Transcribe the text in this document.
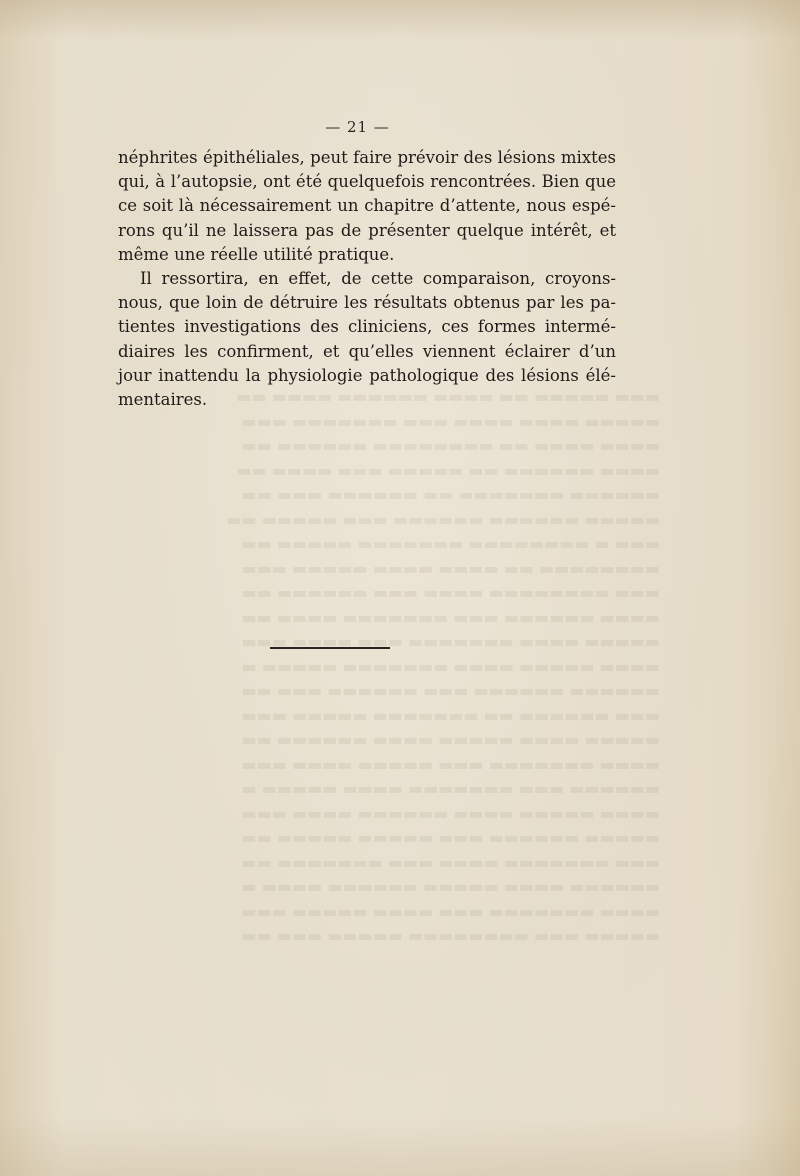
▬▬▬ ▬▬▬▬▬ ▬▬ ▬▬▬▬ ▬▬▬▬▬▬ ▬▬▬▬ ▬▬
▬▬▬▬▬ ▬▬▬▬ ▬▬▬▬ ▬▬▬ ▬▬▬▬▬▬▬ ▬▬▬
▬▬▬▬ ▬▬▬▬ ▬▬ ▬▬▬▬▬▬▬▬ ▬▬▬▬▬▬ ▬▬
▬▬▬▬ ▬▬▬▬▬▬ ▬▬ ▬▬▬▬▬ ▬▬▬ ▬▬▬▬ ▬▬
▬▬▬▬▬▬ ▬▬▬▬▬▬▬ ▬▬ ▬▬▬▬▬▬ ▬▬▬ ▬▬
▬▬▬▬▬ ▬▬▬▬▬▬ ▬▬▬▬▬▬ ▬▬▬ ▬▬▬▬▬ ▬▬
▬▬▬ ▬ ▬▬▬▬▬▬▬▬ ▬▬▬▬▬▬▬ ▬▬▬▬▬ ▬▬
▬▬▬▬▬▬▬▬ ▬▬ ▬▬▬▬ ▬▬▬▬ ▬▬▬▬▬ ▬▬▬
▬▬▬ ▬▬▬▬▬▬▬▬ ▬▬▬▬ ▬▬▬ ▬▬▬▬▬▬ ▬▬
▬▬▬▬ ▬▬▬▬▬▬ ▬▬▬ ▬▬▬▬▬▬▬ ▬▬▬▬ ▬▬
▬▬▬▬▬ ▬▬▬▬ ▬▬▬▬▬▬▬ ▬▬▬ ▬▬▬▬ ▬▬▬
▬▬▬▬ ▬▬▬▬▬ ▬▬▬▬ ▬▬▬▬▬▬▬ ▬▬▬▬▬ ▬
▬▬▬▬▬▬ ▬▬▬▬▬▬ ▬▬▬ ▬▬▬▬▬▬ ▬▬▬ ▬▬
▬▬▬ ▬▬▬▬▬▬ ▬▬ ▬▬▬▬▬▬▬ ▬▬▬▬▬ ▬▬▬
▬▬▬▬▬ ▬▬▬▬ ▬▬▬▬▬ ▬▬▬▬ ▬▬▬▬▬▬ ▬▬
▬▬▬▬ ▬▬▬▬▬▬▬ ▬▬▬ ▬▬▬▬▬ ▬▬▬▬ ▬▬▬
▬▬▬▬▬▬ ▬▬▬ ▬▬▬▬▬▬▬ ▬▬▬▬ ▬▬▬▬▬ ▬
▬▬▬▬ ▬▬▬▬▬ ▬▬▬▬ ▬▬▬▬▬▬ ▬▬▬▬ ▬▬▬
▬▬▬▬▬ ▬▬▬▬▬▬ ▬▬▬ ▬▬▬▬▬ ▬▬▬▬▬ ▬▬
▬▬▬ ▬▬▬▬▬▬▬ ▬▬▬▬ ▬▬▬ ▬▬▬▬▬▬▬ ▬▬
▬▬▬▬▬▬ ▬▬▬▬ ▬▬▬▬▬ ▬▬▬▬▬▬ ▬▬▬▬ ▬
▬▬▬▬ ▬▬▬▬▬▬▬ ▬▬▬ ▬▬▬▬ ▬▬▬▬▬ ▬▬▬
▬▬▬▬▬ ▬▬▬ ▬▬▬▬▬▬▬▬ ▬▬▬▬▬ ▬▬▬ ▬▬
— 21 —
néphrites épithéliales, peut faire prévoir des lésions mixtes
qui, à l’autopsie, ont été quelquefois rencontrées. Bien que
ce soit là nécessairement un chapitre d’attente, nous espé-
rons qu’il ne laissera pas de présenter quelque intérêt, et
même une réelle utilité pratique.
Il ressortira, en effet, de cette comparaison, croyons-
nous, que loin de détruire les résultats obtenus par les pa-
tientes investigations des cliniciens, ces formes intermé-
diaires les confirment, et qu’elles viennent éclairer d’un
jour inattendu la physiologie pathologique des lésions élé-
mentaires.
